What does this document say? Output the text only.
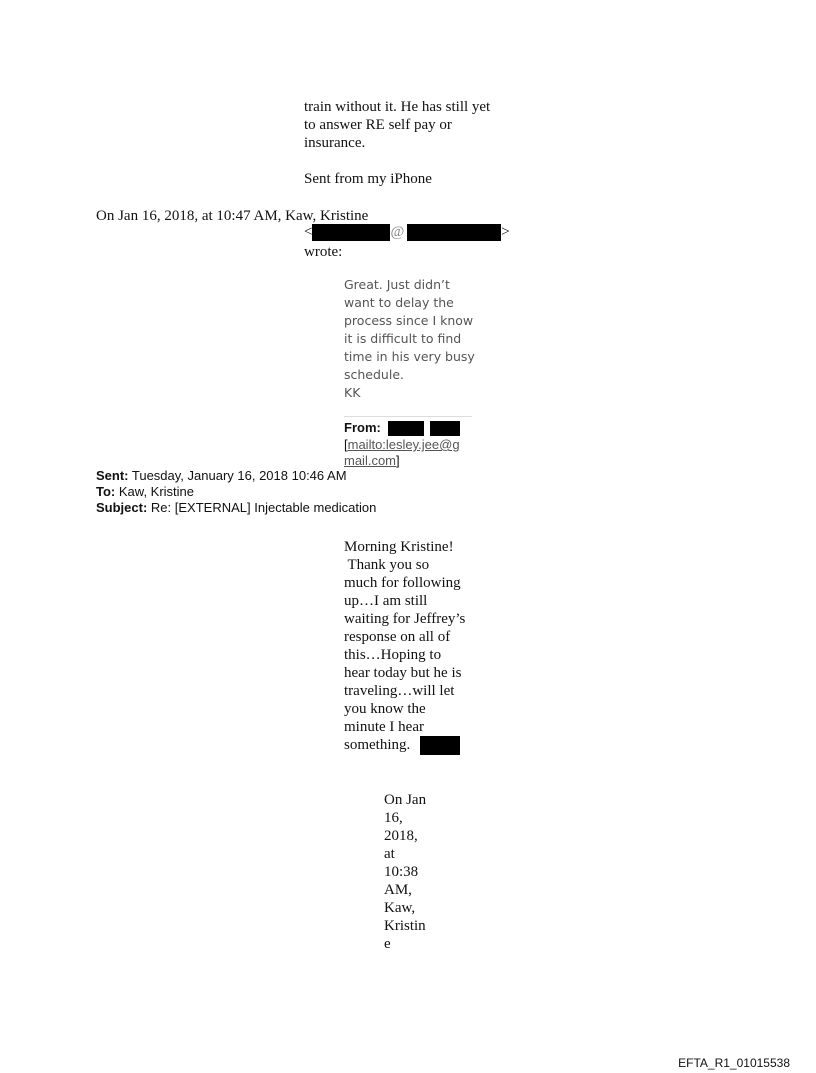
train without it. He has still yet
to answer RE self pay or
insurance.
Sent from my iPhone
On Jan 16, 2018, at 10:47 AM, Kaw, Kristine
<	@	>
wrote:
Great. Just didn’t
want to delay the
process since I know
it is difficult to find
time in his very busy
schedule.
KK
From:
[mailto:lesley.jee@g
mail.com]
Sent: Tuesday, January 16, 2018 10:46 AM
To: Kaw, Kristine
Subject: Re: [EXTERNAL] Injectable medication
Morning Kristine!
Thank you so
much for following
up…I am still
waiting for Jeffrey’s
response on all of
this…Hoping to
hear today but he is
traveling…will let
you know the
minute I hear
something.
On Jan
16,
2018,
at
10:38
AM,
Kaw,
Kristin
e
EFTA_R1_01015538
